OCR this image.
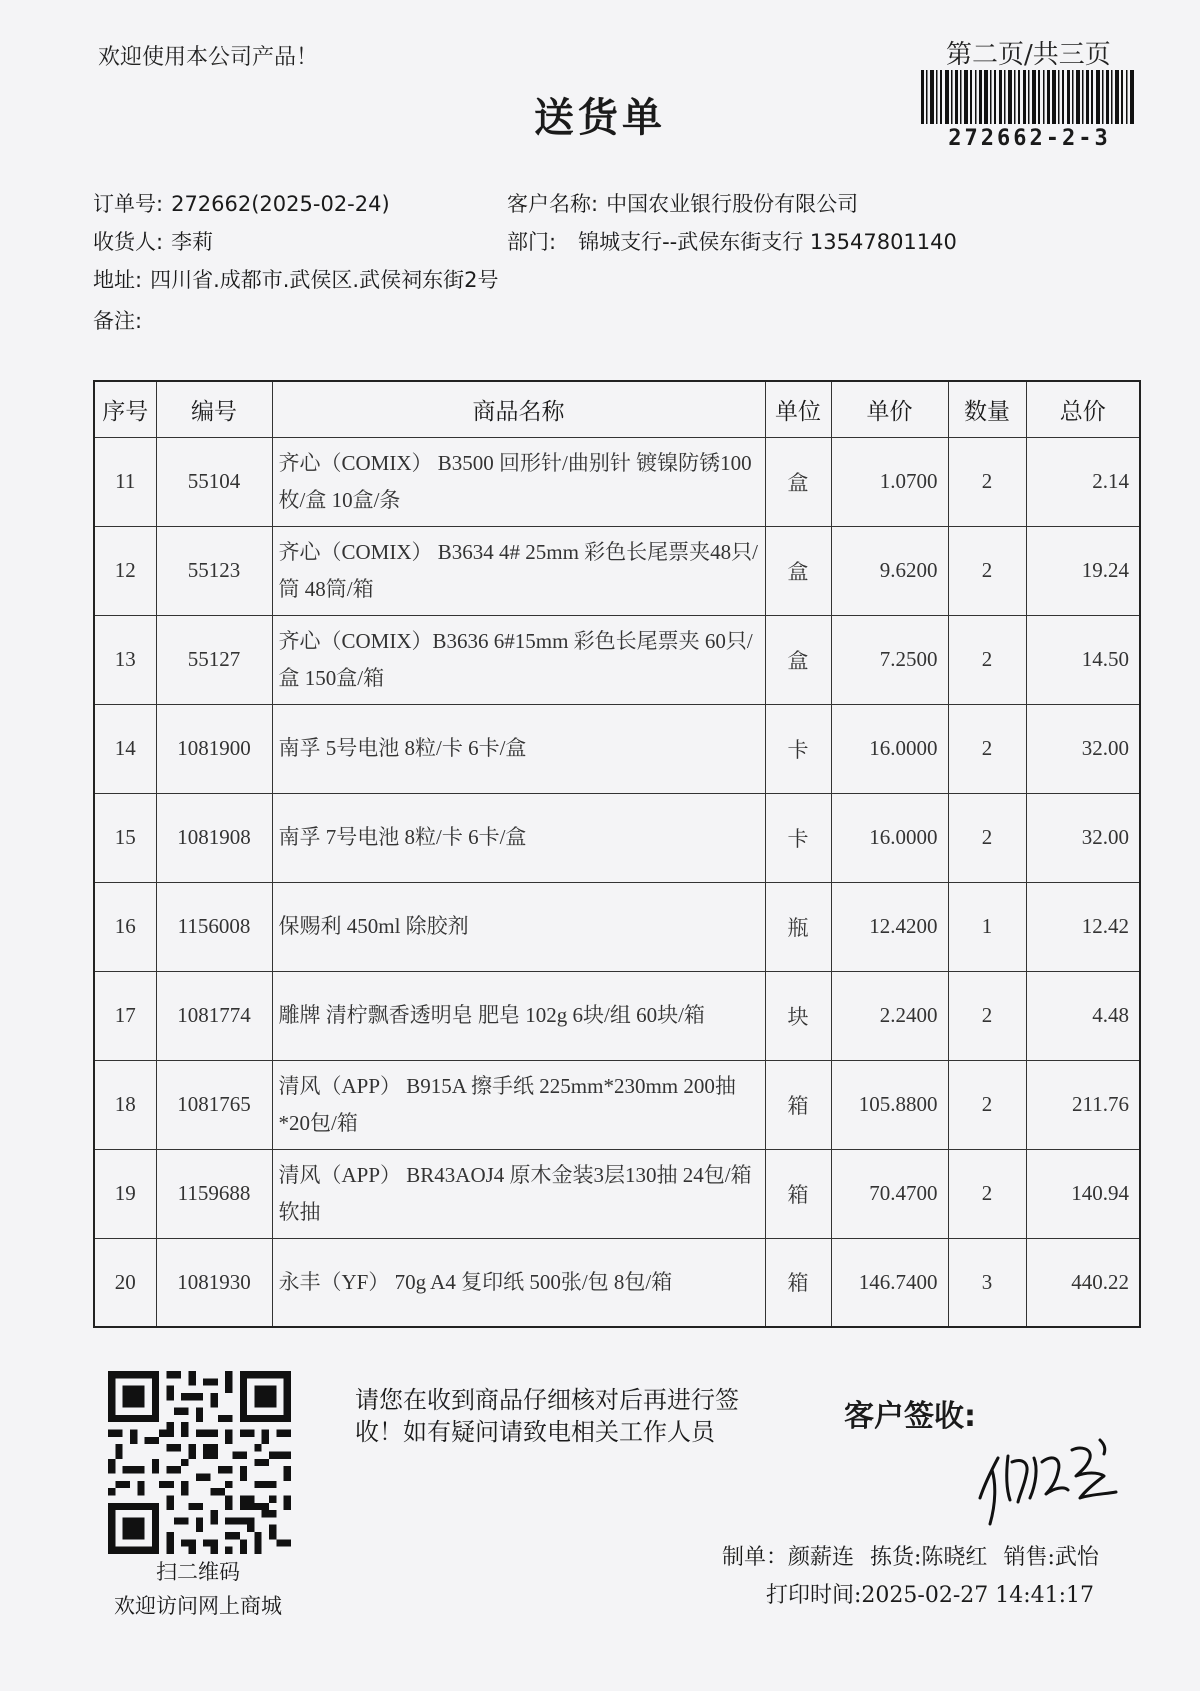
欢迎使用本公司产品！	第二页/共三页
272662-2-3
送货单
订单号: 272662(2025-02-24)	客户名称: 中国农业银行股份有限公司
收货人: 李莉	部门: 锦城支行--武侯东街支行 13547801140
地址: 四川省.成都市.武侯区.武侯祠东街2号
备注:
序号	编号	商品名称	单位	单价	数量	总价
11	55104	齐心（COMIX） B3500 回形针/曲别针 镀镍防锈100枚/盒 10盒/条	盒	1.0700	2	2.14
12	55123	齐心（COMIX） B3634 4# 25mm 彩色长尾票夹48只/筒 48筒/箱	盒	9.6200	2	19.24
13	55127	齐心（COMIX）B3636 6#15mm 彩色长尾票夹 60只/盒 150盒/箱	盒	7.2500	2	14.50
14	1081900	南孚 5号电池 8粒/卡 6卡/盒	卡	16.0000	2	32.00
15	1081908	南孚 7号电池 8粒/卡 6卡/盒	卡	16.0000	2	32.00
16	1156008	保赐利 450ml 除胶剂	瓶	12.4200	1	12.42
17	1081774	雕牌 清柠飘香透明皂 肥皂 102g 6块/组 60块/箱	块	2.2400	2	4.48
18	1081765	清风（APP） B915A 擦手纸 225mm*230mm 200抽*20包/箱	箱	105.8800	2	211.76
19	1159688	清风（APP） BR43AOJ4 原木金装3层130抽 24包/箱 软抽	箱	70.4700	2	140.94
20	1081930	永丰（YF） 70g A4 复印纸 500张/包 8包/箱	箱	146.7400	3	440.22
扫二维码
欢迎访问网上商城
请您在收到商品仔细核对后再进行签收！如有疑问请致电相关工作人员	客户签收:
制单：颜薪连 拣货:陈晓红 销售:武怡
打印时间:2025-02-27 14:41:17
